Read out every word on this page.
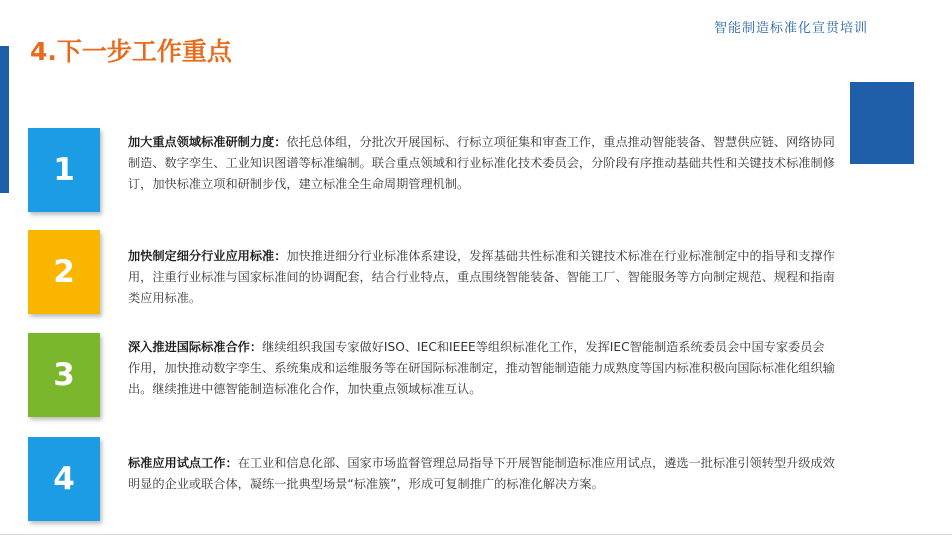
4.下一步工作重点
智能制造标准化宣贯培训
1
加大重点领域标准研制力度：依托总体组，分批次开展国标、行标立项征集和审查工作，重点推动智能装备、智慧供应链、网络协同制造、数字孪生、工业知识图谱等标准编制。联合重点领域和行业标准化技术委员会，分阶段有序推动基础共性和关键技术标准制修订，加快标准立项和研制步伐，建立标准全生命周期管理机制。
2	加快制定细分行业应用标准：加快推进细分行业标准体系建设，发挥基础共性标准和关键技术标准在行业标准制定中的指导和支撑作用，注重行业标准与国家标准间的协调配套，结合行业特点，重点围绕智能装备、智能工厂、智能服务等方向制定规范、规程和指南类应用标准。
3
深入推进国际标准合作：继续组织我国专家做好ISO、IEC和IEEE等组织标准化工作，发挥IEC智能制造系统委员会中国专家委员会作用，加快推动数字孪生、系统集成和运维服务等在研国际标准制定，推动智能制造能力成熟度等国内标准积极向国际标准化组织输出。继续推进中德智能制造标准化合作，加快重点领域标准互认。
4	标准应用试点工作：在工业和信息化部、国家市场监督管理总局指导下开展智能制造标准应用试点，遴选一批标准引领转型升级成效明显的企业或联合体，凝练一批典型场景“标准簇”，形成可复制推广的标准化解决方案。
